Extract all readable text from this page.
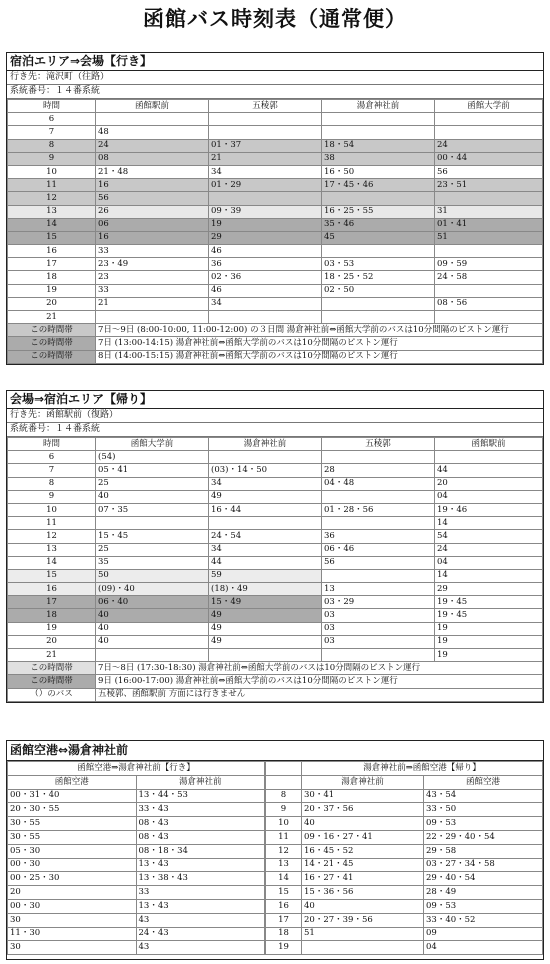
函館バス時刻表（通常便）
宿泊エリア⇒会場【行き】
行き先：滝沢町（往路）
系統番号：１４番系統
時間	函館駅前	五稜郭	湯倉神社前	函館大学前
6				
7	48			
8	24	01・37	18・54	24
9	08	21	38	00・44
10	21・48	34	16・50	56
11	16	01・29	17・45・46	23・51
12	56			
13	26	09・39	16・25・55	31
14	06	19	35・46	01・41
15	16	29	45	51
16	33	46		
17	23・49	36	03・53	09・59
18	23	02・36	18・25・52	24・58
19	33	46	02・50	
20	21	34		08・56
21				
この時間帯	7日～9日 (8:00-10:00, 11:00-12:00) の３日間 湯倉神社前⇔函館大学前のバスは10分間隔のピストン運行			
この時間帯	7日 (13:00-14:15) 湯倉神社前⇔函館大学前のバスは10分間隔のピストン運行			
この時間帯	8日 (14:00-15:15) 湯倉神社前⇔函館大学前のバスは10分間隔のピストン運行			
会場⇒宿泊エリア【帰り】
行き先：函館駅前（復路）
系統番号：１４番系統
時間	函館大学前	湯倉神社前	五稜郭	函館駅前
6	(54)			
7	05・41	(03)・14・50	28	44
8	25	34	04・48	20
9	40	49		04
10	07・35	16・44	01・28・56	19・46
11				14
12	15・45	24・54	36	54
13	25	34	06・46	24
14	35	44	56	04
15	50	59		14
16	(09)・40	(18)・49	13	29
17	06・40	15・49	03・29	19・45
18	40	49	03	19・45
19	40	49	03	19
20	40	49	03	19
21				19
この時間帯	7日～8日 (17:30-18:30) 湯倉神社前⇔函館大学前のバスは10分間隔のピストン運行			
この時間帯	9日 (16:00-17:00) 湯倉神社前⇔函館大学前のバスは10分間隔のピストン運行			
（）のバス	五稜郭、函館駅前 方面には行きません			
函館空港⇔湯倉神社前
函館空港⇒湯倉神社前【行き】	
函館空港	湯倉神社前
00・31・40	13・44・53
20・30・55	33・43
30・55	08・43
30・55	08・43
05・30	08・18・34
00・30	13・43
00・25・30	13・38・43
20	33
00・30	13・43
30	43
11・30	24・43
30	43
	湯倉神社前⇒函館空港【帰り】	
	湯倉神社前	函館空港
8	30・41	43・54
9	20・37・56	33・50
10	40	09・53
11	09・16・27・41	22・29・40・54
12	16・45・52	29・58
13	14・21・45	03・27・34・58
14	16・27・41	29・40・54
15	15・36・56	28・49
16	40	09・53
17	20・27・39・56	33・40・52
18	51	09
19		04
